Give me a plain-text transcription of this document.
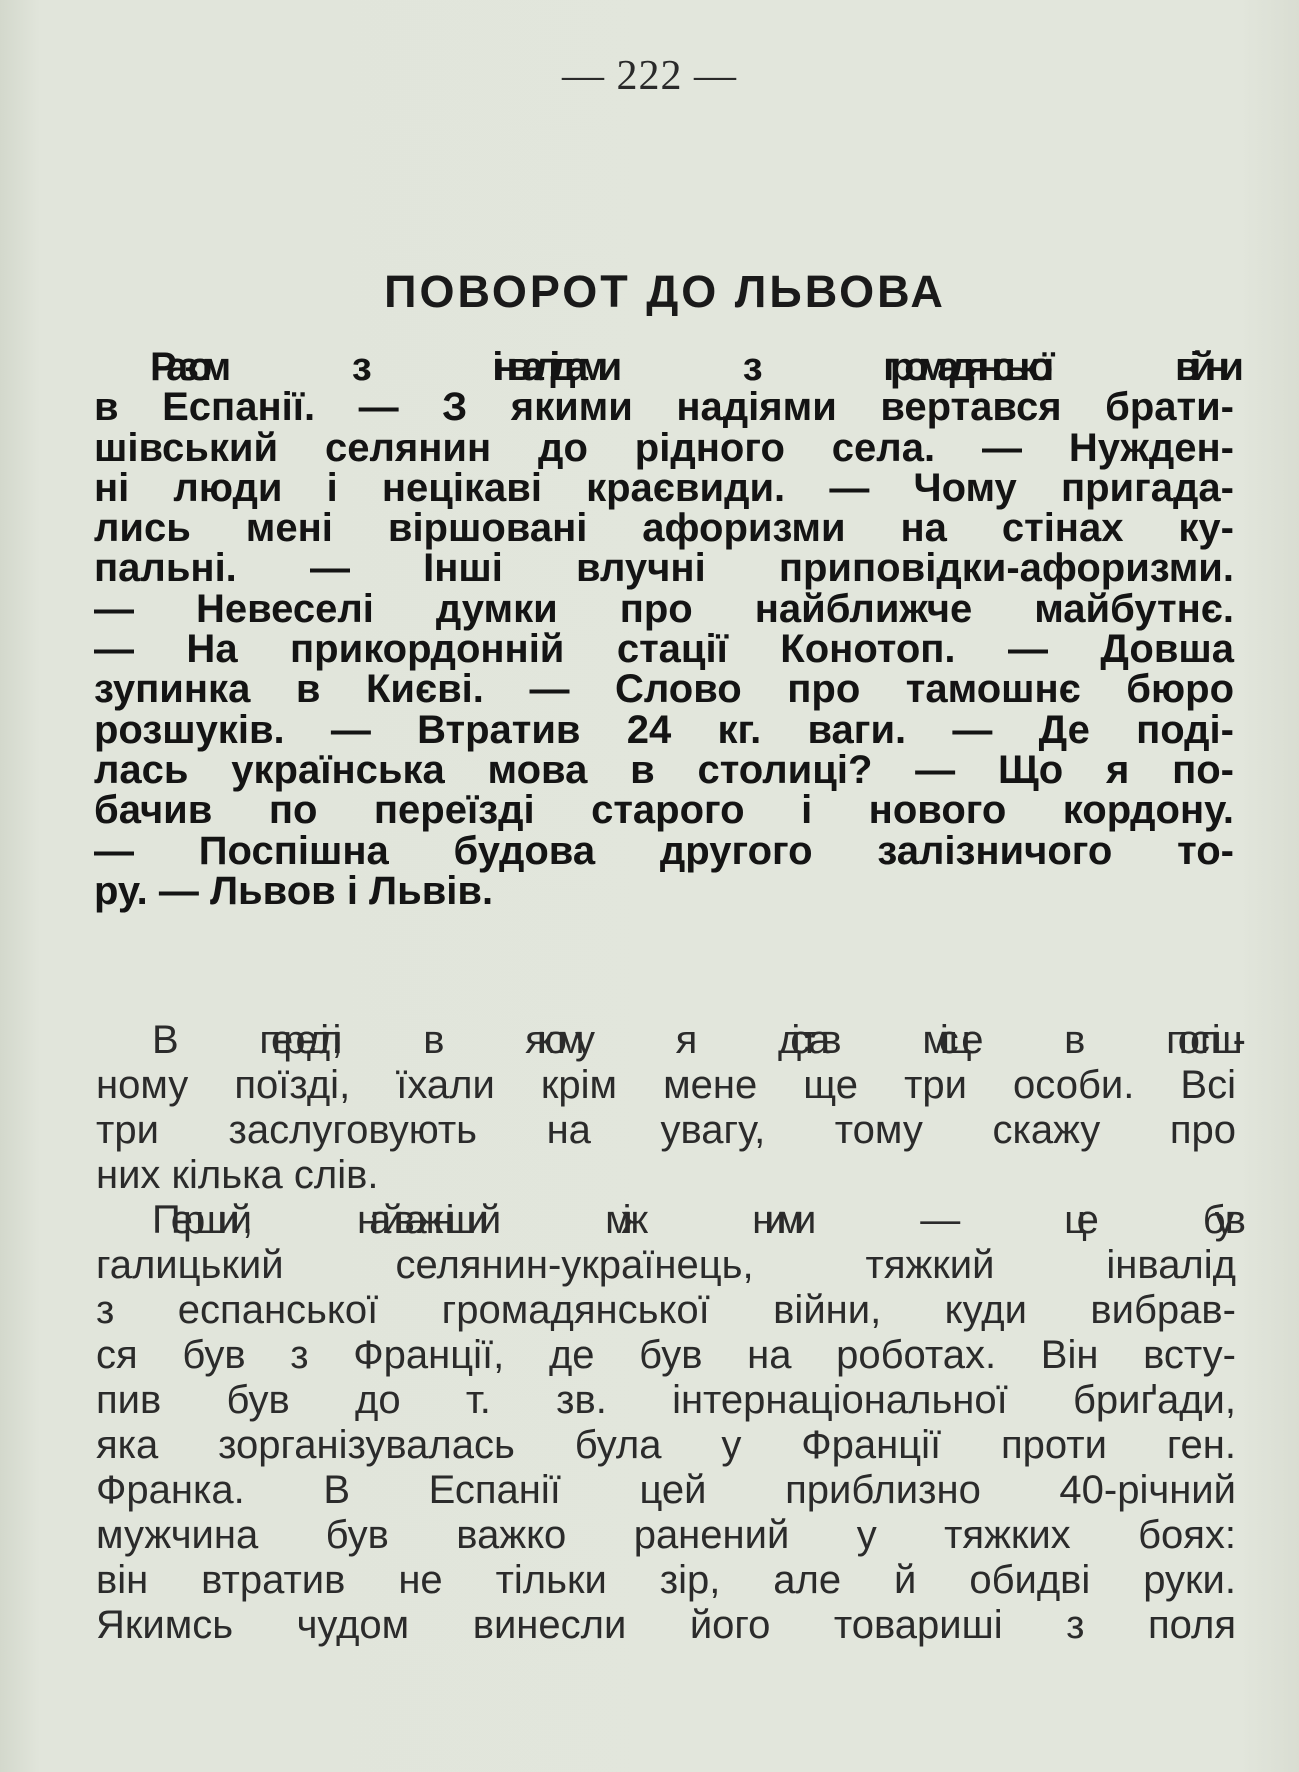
— 222 —
ПОВОРОТ ДО ЛЬВОВА
Разом з інвалідами з громадянської війни
в Еспанії. — З якими надіями вертався брати-
шівський селянин до рідного села. — Нужден-
ні люди і нецікаві краєвиди. — Чому пригада-
лись мені віршовані афоризми на стінах ку-
пальні. — Інші влучні приповідки-афоризми.
— Невеселі думки про найближче майбутнє.
— На прикордонній стації Конотоп. — Довша
зупинка в Києві. — Слово про тамошнє бюро
розшуків. — Втратив 24 кг. ваги. — Де поді-
лась українська мова в столиці? — Що я по-
бачив по переїзді старого і нового кордону.
— Поспішна будова другого залізничого то-
ру. — Львов і Львів.
В переділі, в якому я дістав місце в поспіш-
ному поїзді, їхали крім мене ще три особи. Всі
три заслуговують на увагу, тому скажу про
них кілька слів.
Перший, найважніший між ними — це був
галицький селянин-українець, тяжкий інвалід
з еспанської громадянської війни, куди вибрав-
ся був з Франції, де був на роботах. Він всту-
пив був до т. зв. інтернаціональної бриґади,
яка зорганізувалась була у Франції проти ген.
Франка. В Еспанії цей приблизно 40-річний
мужчина був важко ранений у тяжких боях:
він втратив не тільки зір, але й обидві руки.
Якимсь чудом винесли його товариші з поля
